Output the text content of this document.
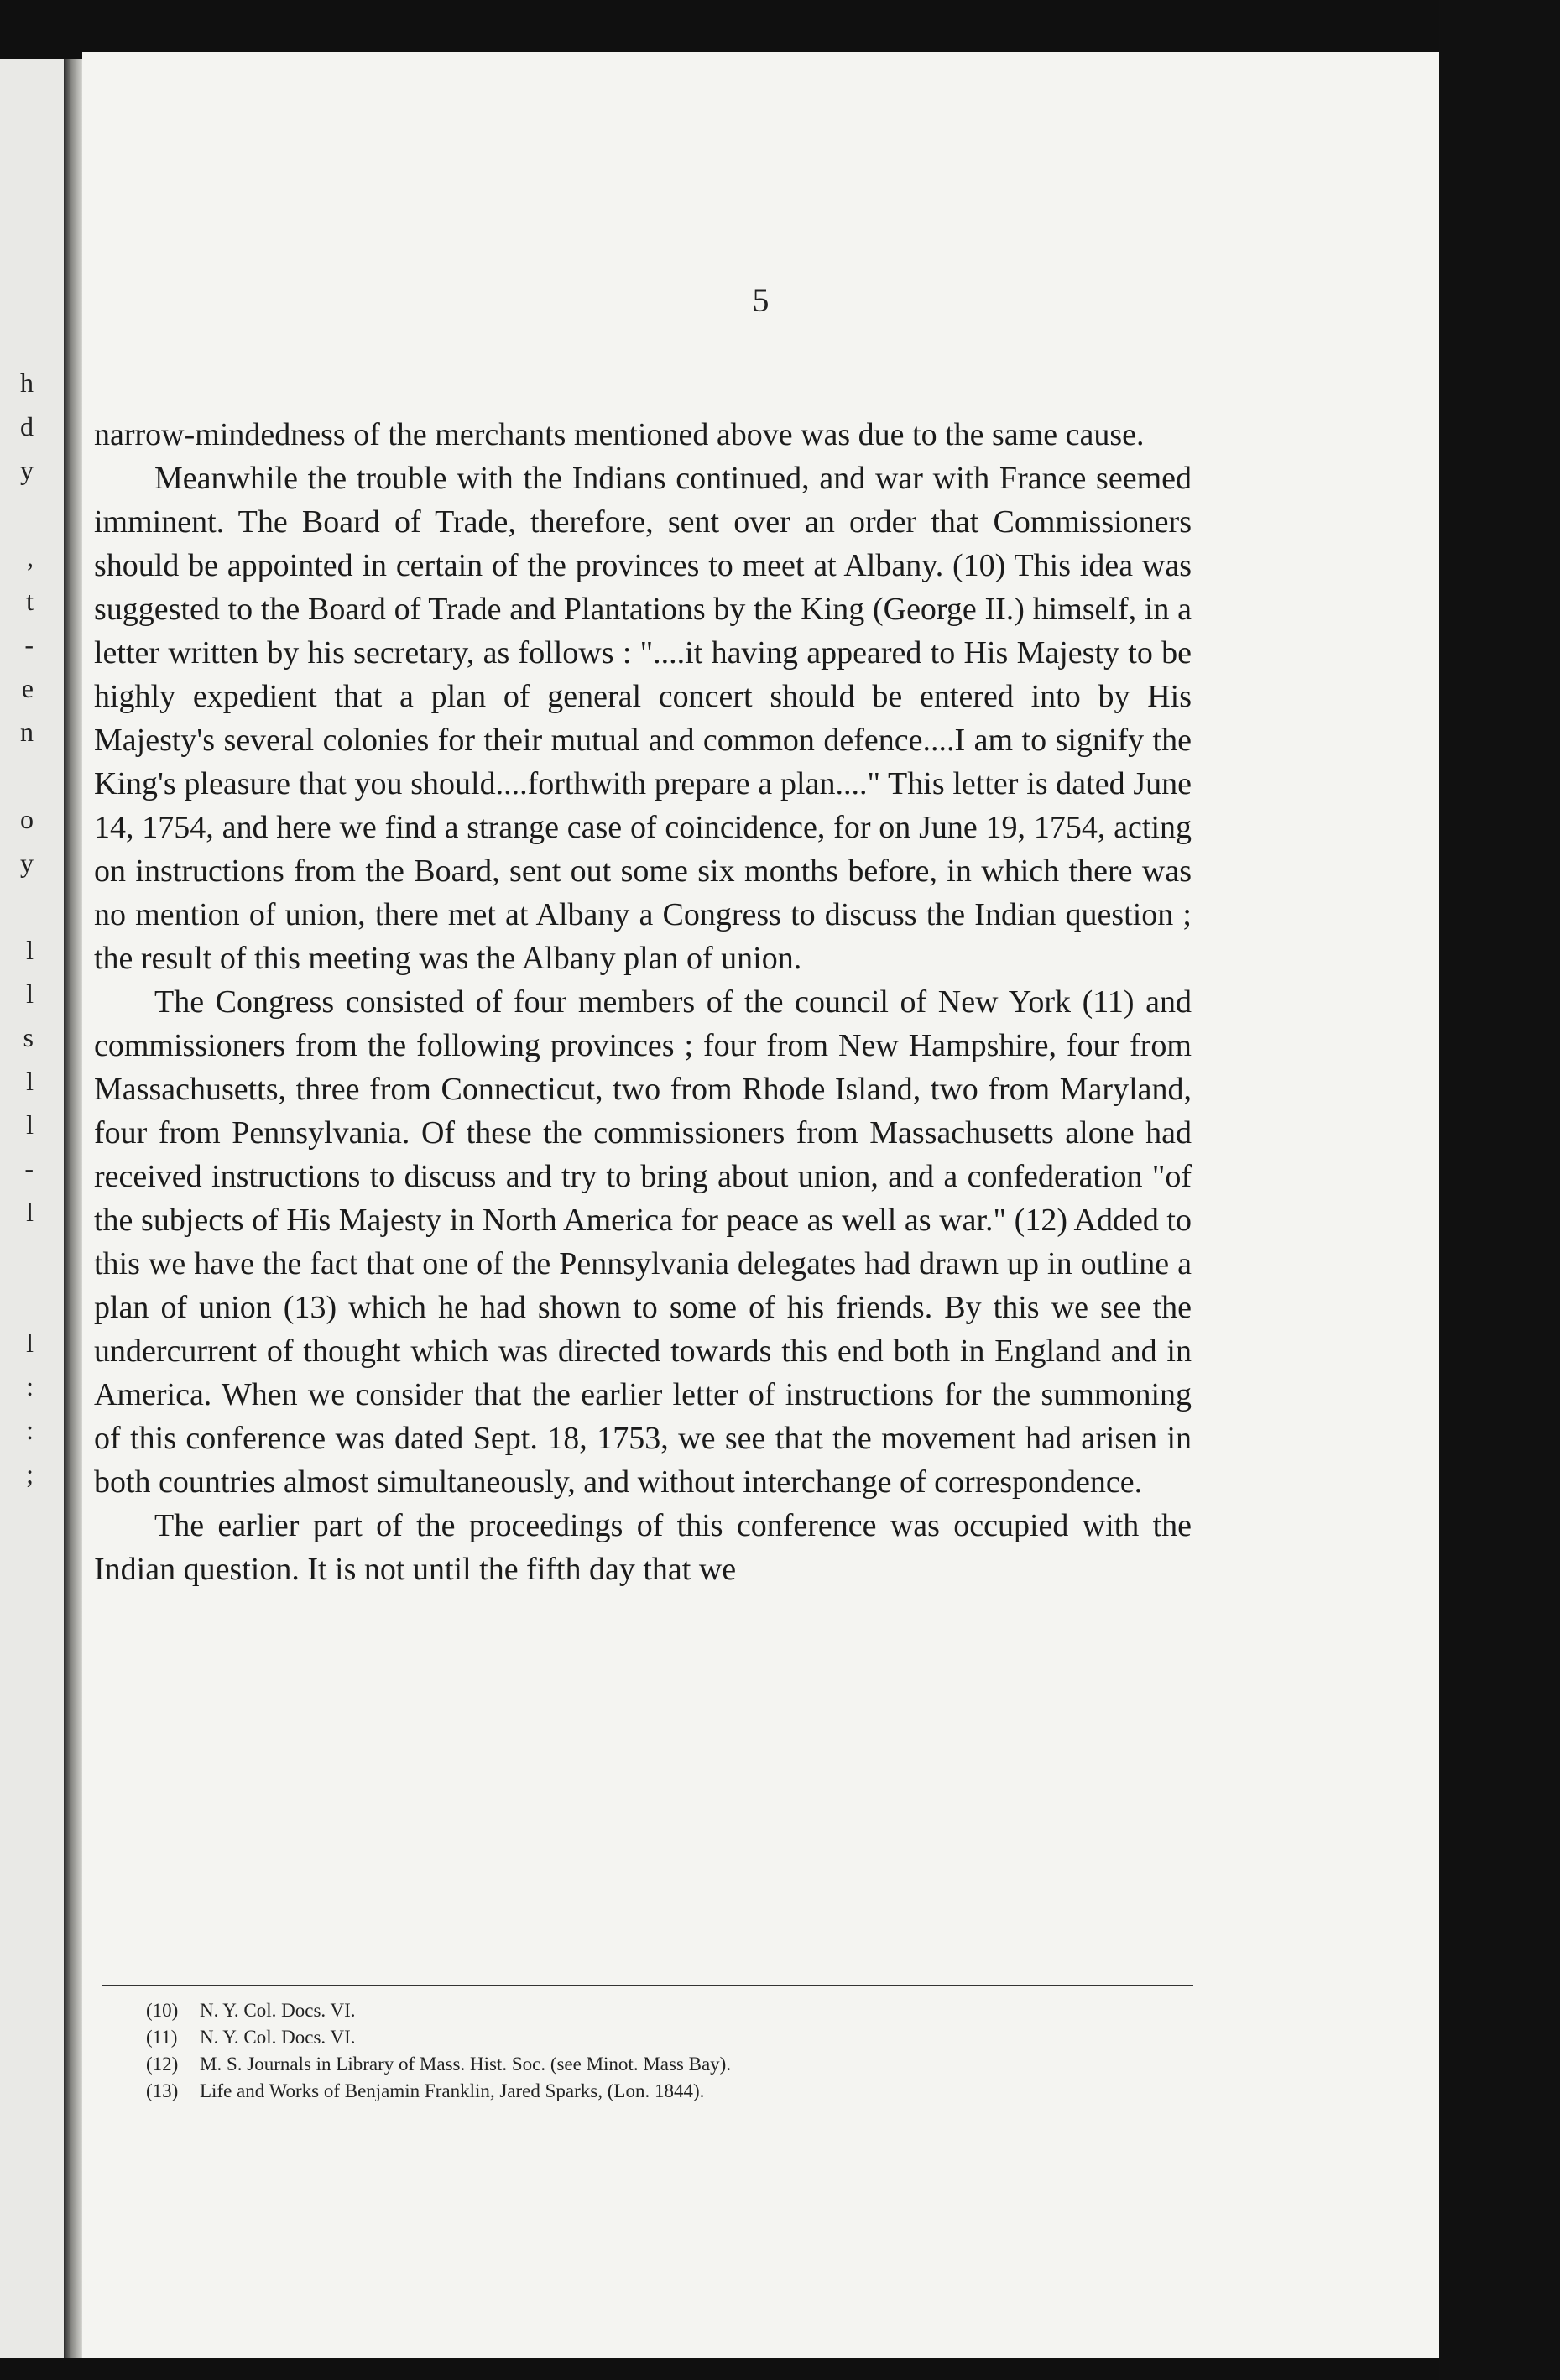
h
d
y
,
t
-
e
n
o
y
l
l
s
l
l
-
l
l
:
:
;
5

narrow-mindedness of the merchants mentioned above was due to the same cause.

Meanwhile the trouble with the Indians continued, and war with France seemed imminent. The Board of Trade, therefore, sent over an order that Commissioners should be appointed in certain of the provinces to meet at Albany. (10) This idea was suggested to the Board of Trade and Plantations by the King (George II.) himself, in a letter written by his secretary, as follows : "....it having appeared to His Majesty to be highly expedient that a plan of general concert should be entered into by His Majesty's several colonies for their mutual and common defence....I am to signify the King's pleasure that you should....forthwith prepare a plan...." This letter is dated June 14, 1754, and here we find a strange case of coincidence, for on June 19, 1754, acting on instructions from the Board, sent out some six months before, in which there was no mention of union, there met at Albany a Congress to discuss the Indian question ; the result of this meeting was the Albany plan of union.

The Congress consisted of four members of the council of New York (11) and commissioners from the following provinces ; four from New Hampshire, four from Massachusetts, three from Connecticut, two from Rhode Island, two from Maryland, four from Pennsylvania. Of these the commissioners from Massachusetts alone had received instructions to discuss and try to bring about union, and a confederation "of the subjects of His Majesty in North America for peace as well as war." (12) Added to this we have the fact that one of the Pennsylvania delegates had drawn up in outline a plan of union (13) which he had shown to some of his friends. By this we see the undercurrent of thought which was directed towards this end both in England and in America. When we consider that the earlier letter of instructions for the summoning of this conference was dated Sept. 18, 1753, we see that the movement had arisen in both countries almost simultaneously, and without interchange of correspondence.

The earlier part of the proceedings of this conference was occupied with the Indian question. It is not until the fifth day that we

(10)	N. Y. Col. Docs. VI.
(11)	N. Y. Col. Docs. VI.
(12)	M. S. Journals in Library of Mass. Hist. Soc. (see Minot. Mass Bay).
(13)	Life and Works of Benjamin Franklin, Jared Sparks, (Lon. 1844).
